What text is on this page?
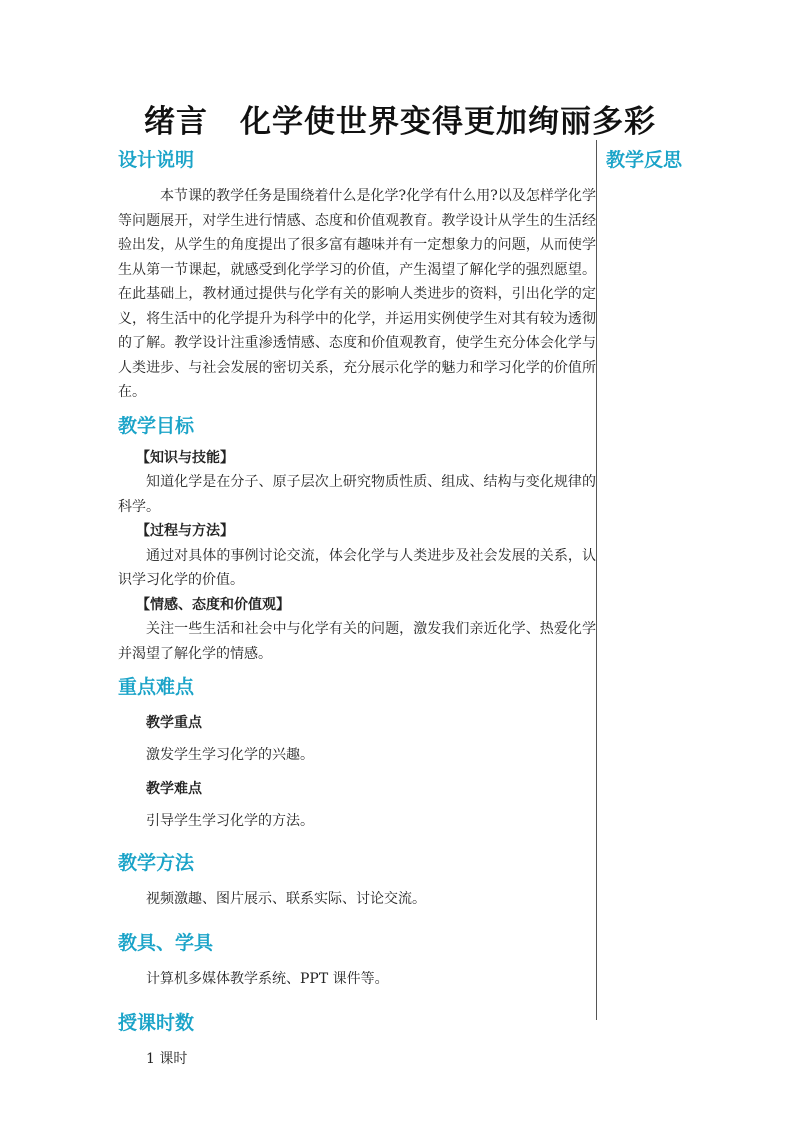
绪言　化学使世界变得更加绚丽多彩
教学反思
设计说明

本节课的教学任务是围绕着什么是化学?化学有什么用?以及怎样学化学等问题展开，对学生进行情感、态度和价值观教育。教学设计从学生的生活经验出发，从学生的角度提出了很多富有趣味并有一定想象力的问题，从而使学生从第一节课起，就感受到化学学习的价值，产生渴望了解化学的强烈愿望。在此基础上，教材通过提供与化学有关的影响人类进步的资料，引出化学的定义，将生活中的化学提升为科学中的化学，并运用实例使学生对其有较为透彻的了解。教学设计注重渗透情感、态度和价值观教育，使学生充分体会化学与人类进步、与社会发展的密切关系，充分展示化学的魅力和学习化学的价值所在。

教学目标

【知识与技能】

知道化学是在分子、原子层次上研究物质性质、组成、结构与变化规律的科学。

【过程与方法】

通过对具体的事例讨论交流，体会化学与人类进步及社会发展的关系，认识学习化学的价值。

【情感、态度和价值观】

关注一些生活和社会中与化学有关的问题，激发我们亲近化学、热爱化学并渴望了解化学的情感。

重点难点

教学重点

激发学生学习化学的兴趣。

教学难点

引导学生学习化学的方法。

教学方法

视频激趣、图片展示、联系实际、讨论交流。

教具、学具

计算机多媒体教学系统、PPT 课件等。

授课时数

1 课时
